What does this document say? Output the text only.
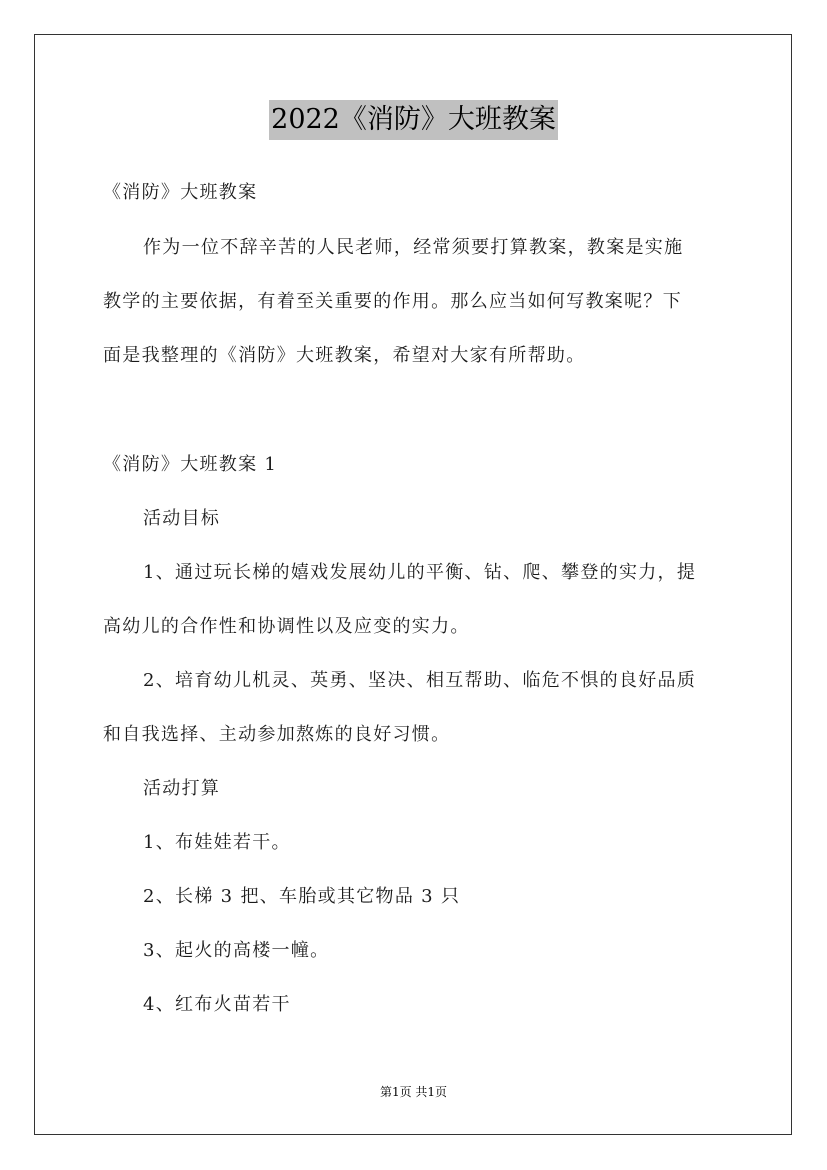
2022《消防》大班教案
《消防》大班教案
作为一位不辞辛苦的人民老师，经常须要打算教案，教案是实施
教学的主要依据，有着至关重要的作用。那么应当如何写教案呢？下
面是我整理的《消防》大班教案，希望对大家有所帮助。
《消防》大班教案 1
活动目标
1、通过玩长梯的嬉戏发展幼儿的平衡、钻、爬、攀登的实力，提
高幼儿的合作性和协调性以及应变的实力。
2、培育幼儿机灵、英勇、坚决、相互帮助、临危不惧的良好品质
和自我选择、主动参加熬炼的良好习惯。
活动打算
1、布娃娃若干。
2、长梯 3 把、车胎或其它物品 3 只
3、起火的高楼一幢。
4、红布火苗若干
第1页 共1页
